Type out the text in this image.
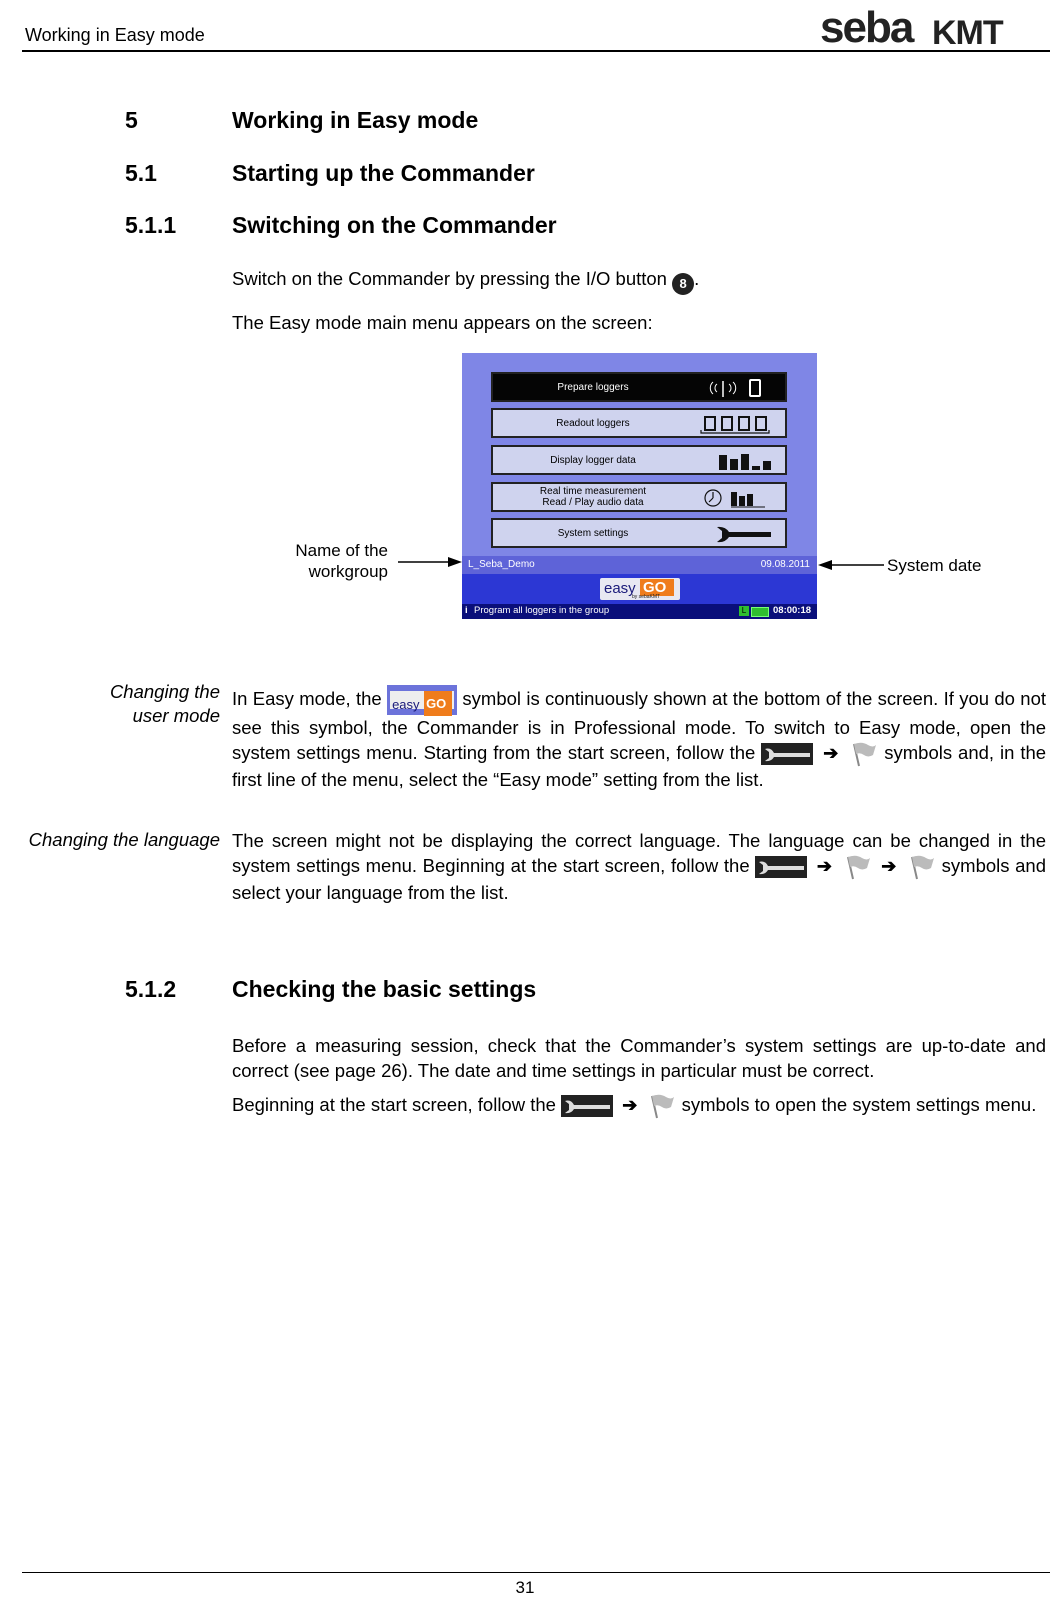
Working in Easy mode	seba KMT
5	Working in Easy mode
5.1	Starting up the Commander
5.1.1 Switching on the Commander
Switch on the Commander by pressing the I/O button 8 .
The Easy mode main menu appears on the screen:
Prepare loggers
Readout loggers
Display logger data
Real time measurement
Read / Play audio data
System settings
L_Seba_Demo	09.08.2011
easy GO
by sebaKMT
i Program all loggers in the group	L	08:00:18
Name of the
workgroup	System date
Changing the
user mode
In Easy mode, the easy GO symbol is continuously shown at the bottom of the screen. If you do not see this symbol, the Commander is in Professional mode. To switch to Easy mode, open the system settings menu. Starting from the start screen, follow the	➔ symbols and, in the first line of the menu, select the “Easy mode” setting from the list.
Changing the language The screen might not be displaying the correct language. The language can be changed in the system settings menu. Beginning at the start screen, follow the	➔	➔ symbols and select your language from the list.
5.1.2 Checking the basic settings
Before a measuring session, check that the Commander’s system settings are up-to-date and correct (see page 26). The date and time settings in particular must be correct.
Beginning at the start screen, follow the	➔ symbols to open the system settings menu.
31
